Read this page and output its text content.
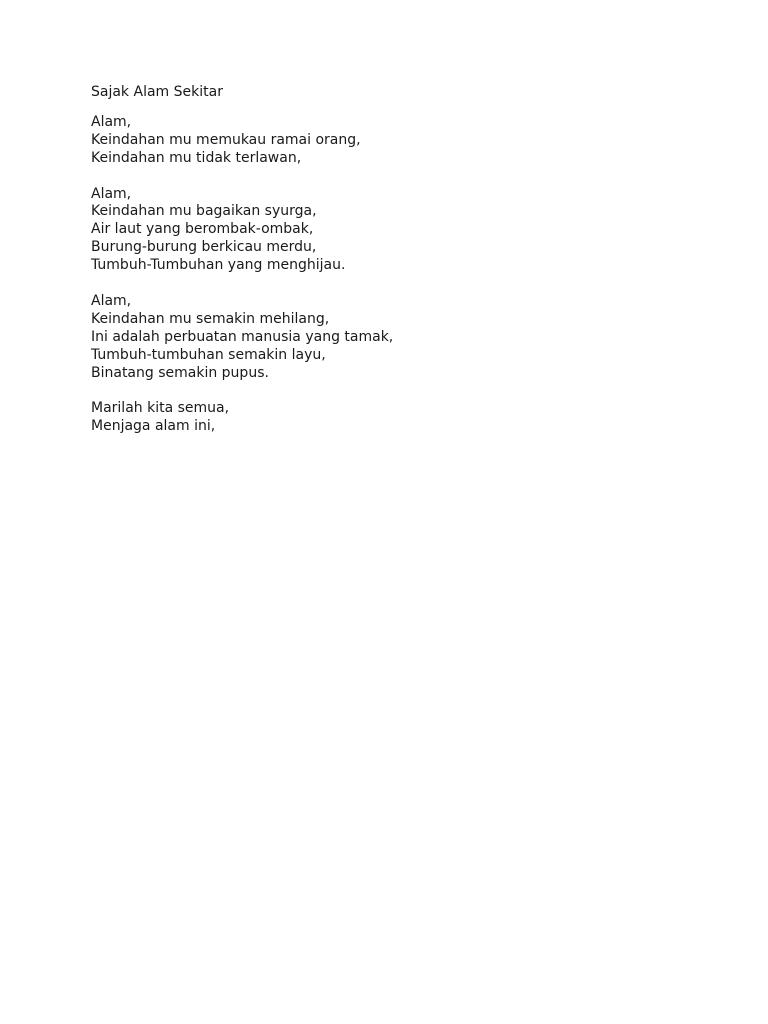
Sajak Alam Sekitar
Alam,
Keindahan mu memukau ramai orang,
Keindahan mu tidak terlawan,
Alam,
Keindahan mu bagaikan syurga,
Air laut yang berombak-ombak,
Burung-burung berkicau merdu,
Tumbuh-Tumbuhan yang menghijau.
Alam,
Keindahan mu semakin mehilang,
Ini adalah perbuatan manusia yang tamak,
Tumbuh-tumbuhan semakin layu,
Binatang semakin pupus.
Marilah kita semua,
Menjaga alam ini,
